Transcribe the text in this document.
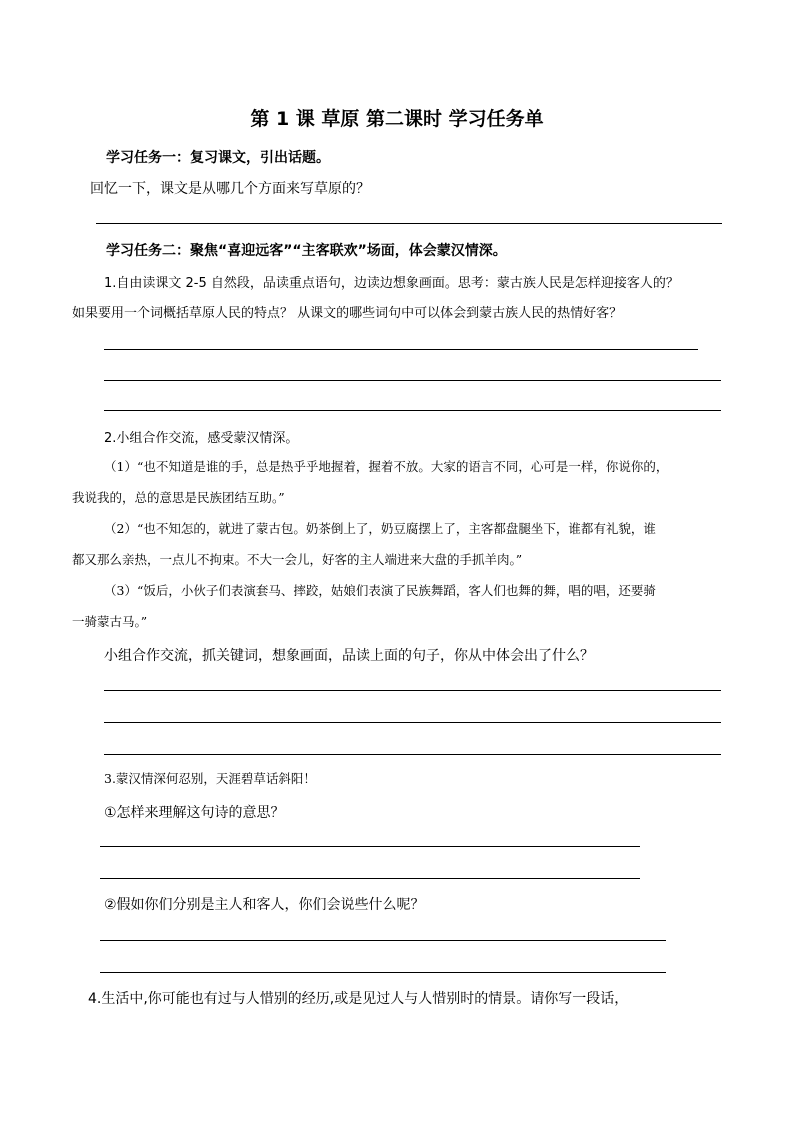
第 1 课 草原 第二课时 学习任务单
学习任务一：复习课文，引出话题。
回忆一下，课文是从哪几个方面来写草原的？
学习任务二：聚焦“喜迎远客”“主客联欢”场面，体会蒙汉情深。
1.自由读课文 2-5 自然段，品读重点语句，边读边想象画面。思考：蒙古族人民是怎样迎接客人的？
如果要用一个词概括草原人民的特点？ 从课文的哪些词句中可以体会到蒙古族人民的热情好客？
2.小组合作交流，感受蒙汉情深。
（1）“也不知道是谁的手，总是热乎乎地握着，握着不放。大家的语言不同，心可是一样，你说你的，
我说我的，总的意思是民族团结互助。”
（2）“也不知怎的，就进了蒙古包。奶茶倒上了，奶豆腐摆上了，主客都盘腿坐下，谁都有礼貌，谁
都又那么亲热，一点儿不拘束。不大一会儿，好客的主人端进来大盘的手抓羊肉。”
（3）“饭后，小伙子们表演套马、摔跤，姑娘们表演了民族舞蹈，客人们也舞的舞，唱的唱，还要骑
一骑蒙古马。”
小组合作交流，抓关键词，想象画面，品读上面的句子，你从中体会出了什么？
3.蒙汉情深何忍别，天涯碧草话斜阳！
①怎样来理解这句诗的意思？
②假如你们分别是主人和客人，你们会说些什么呢？
4.生活中,你可能也有过与人惜别的经历,或是见过人与人惜别时的情景。请你写一段话，
